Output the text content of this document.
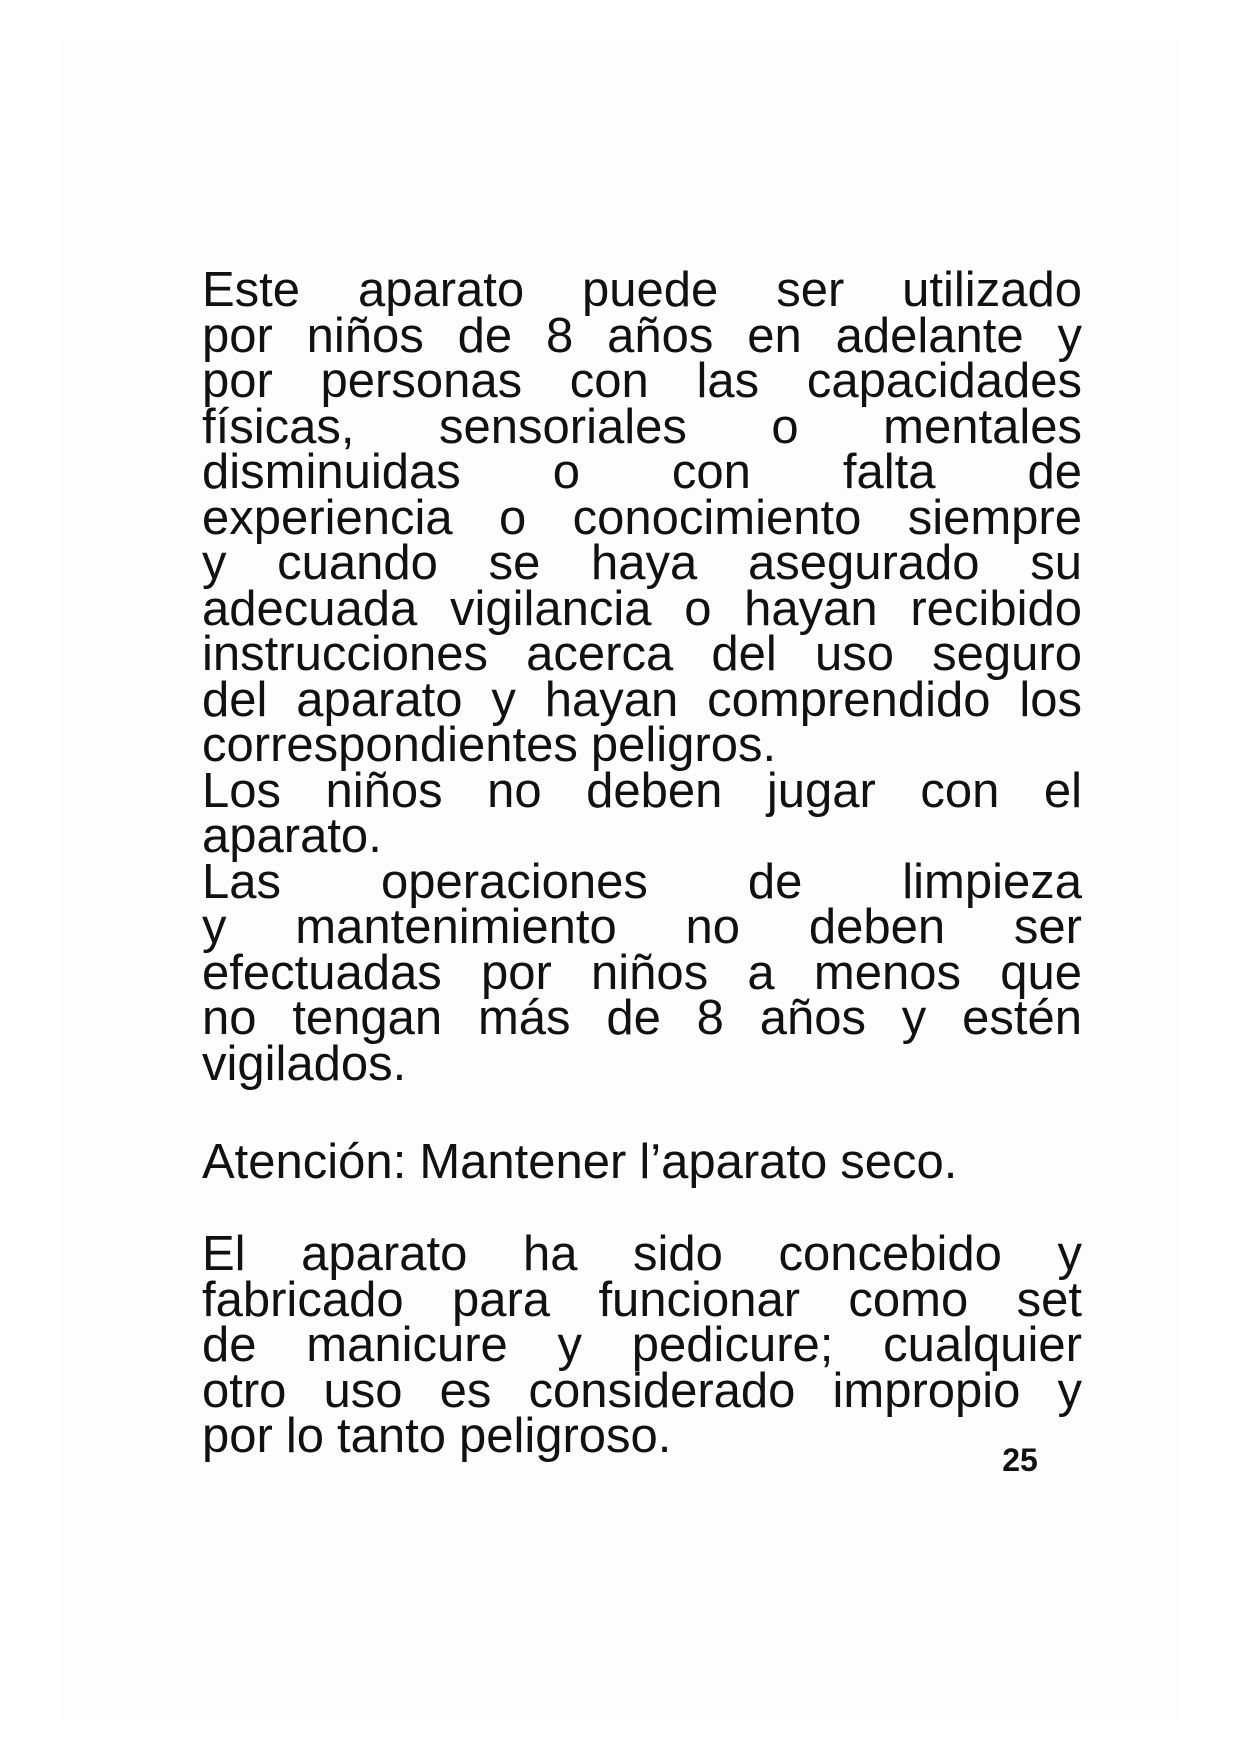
Este aparato puede ser utilizado
por niños de 8 años en adelante y
por personas con las capacidades
físicas, sensoriales o mentales
disminuidas o con falta de
experiencia o conocimiento siempre
y cuando se haya asegurado su
adecuada vigilancia o hayan recibido
instrucciones acerca del uso seguro
del aparato y hayan comprendido los
correspondientes peligros.
Los niños no deben jugar con el
aparato.
Las operaciones de limpieza
y mantenimiento no deben ser
efectuadas por niños a menos que
no tengan más de 8 años y estén
vigilados.
Atención: Mantener l’aparato seco.
El aparato ha sido concebido y
fabricado para funcionar como set
de manicure y pedicure; cualquier
otro uso es considerado impropio y
por lo tanto peligroso.	25
